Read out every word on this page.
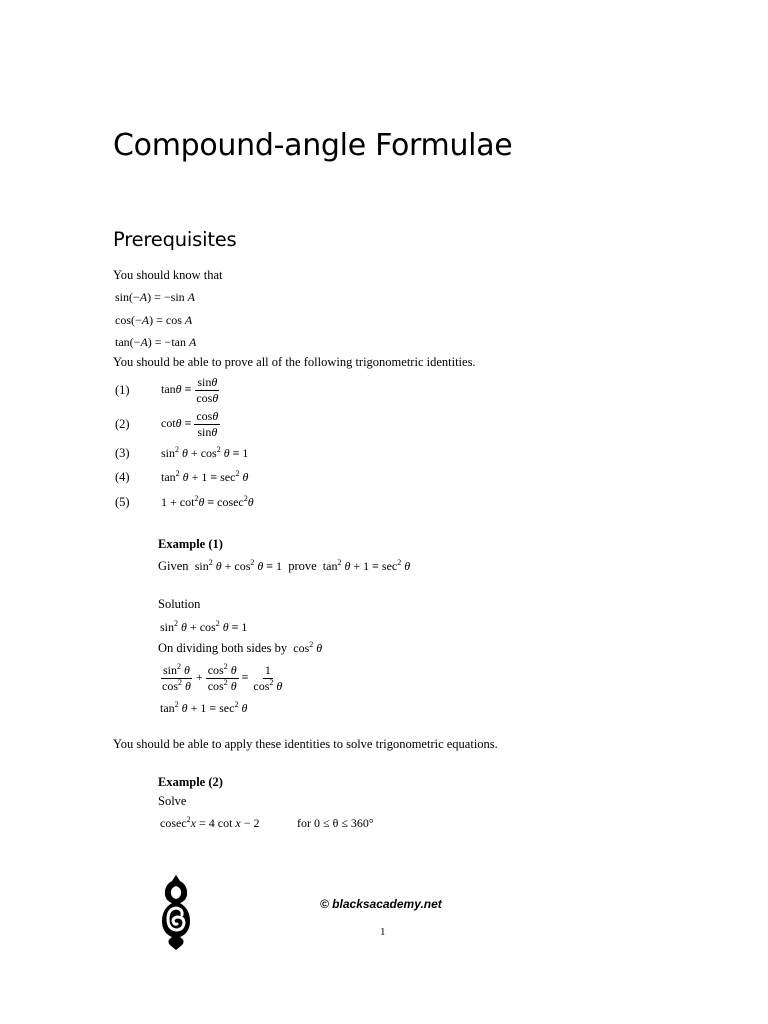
Compound-angle Formulae
Prerequisites
You should know that
sin(−A) = −sin A
cos(−A) = cos A
tan(−A) = −tan A
You should be able to prove all of the following trigonometric identities.
(1)	$\tan\theta \equiv \frac{\sin\theta}{\cos\theta}$
(2)	$\cot\theta \equiv \frac{\cos\theta}{\sin\theta}$
(3)	$\sin^2 \theta + \cos^2 \theta \equiv 1$
(4)	$\tan^2 \theta + 1 \equiv \sec^2 \theta$
(5)	$1 + \cot^2\theta \equiv cosec^2\theta$
Example (1)
Given  $\sin^2 \theta + \cos^2 \theta \equiv 1$  prove  $\tan^2 \theta + 1 \equiv \sec^2 \theta$
Solution
$\sin^2 \theta + \cos^2 \theta \equiv 1$
On dividing both sides by  $\cos^2 \theta$
$\frac{\sin^2 \theta}{\cos^2 \theta} + \frac{\cos^2 \theta}{\cos^2 \theta} \equiv \frac{1}{\cos^2 \theta}$
$\tan^2 \theta + 1 \equiv \sec^2 \theta$
You should be able to apply these identities to solve trigonometric equations.
Example (2)
Solve
cosec$^2$x = 4 cot x − 2	for 0 ≤ θ ≤ 360°
© blacksacademy.net
1
